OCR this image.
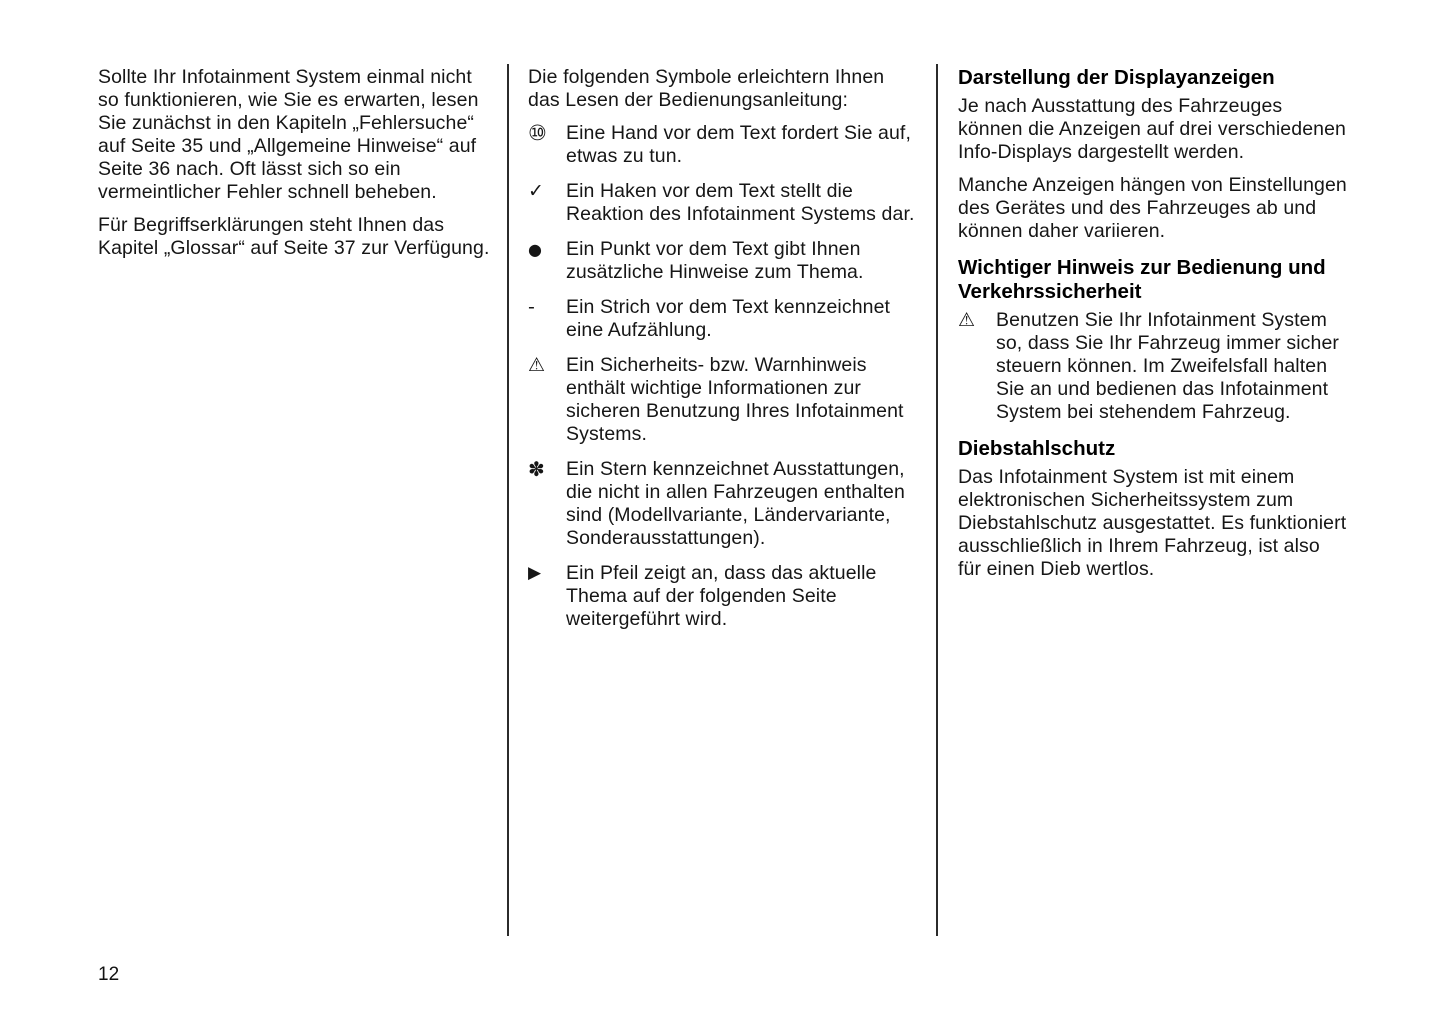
Sollte Ihr Infotainment System einmal nicht so funktionieren, wie Sie es erwarten, lesen Sie zunächst in den Kapiteln „Fehlersuche“ auf Seite 35 und „Allgemeine Hinweise“ auf Seite 36 nach. Oft lässt sich so ein vermeintlicher Fehler schnell beheben.

Für Begriffserklärungen steht Ihnen das Kapitel „Glossar“ auf Seite 37 zur Verfügung.

Die folgenden Symbole erleichtern Ihnen das Lesen der Bedienungsanleitung:

⑩ Eine Hand vor dem Text fordert Sie auf, etwas zu tun.
✓	Ein Haken vor dem Text stellt die Reaktion des Infotainment Systems dar.
●	Ein Punkt vor dem Text gibt Ihnen zusätzliche Hinweise zum Thema.
-	Ein Strich vor dem Text kennzeichnet eine Aufzählung.
⚠	Ein Sicherheits- bzw. Warnhinweis enthält wichtige Informationen zur sicheren Benutzung Ihres Infotainment Systems.
✽	Ein Stern kennzeichnet Ausstattungen, die nicht in allen Fahrzeugen enthalten sind (Modellvariante, Ländervariante, Sonderausstattungen).
▶	Ein Pfeil zeigt an, dass das aktuelle Thema auf der folgenden Seite weitergeführt wird.
Darstellung der Displayanzeigen

Je nach Ausstattung des Fahrzeuges können die Anzeigen auf drei verschiedenen Info-Displays dargestellt werden.

Manche Anzeigen hängen von Einstellungen des Gerätes und des Fahrzeuges ab und können daher variieren.

Wichtiger Hinweis zur Bedienung und Verkehrssicherheit
⚠	Benutzen Sie Ihr Infotainment System so, dass Sie Ihr Fahrzeug immer sicher steuern können. Im Zweifelsfall halten Sie an und bedienen das Infotainment System bei stehendem Fahrzeug.
Diebstahlschutz

Das Infotainment System ist mit einem elektronischen Sicherheitssystem zum Diebstahlschutz ausgestattet. Es funktioniert ausschließlich in Ihrem Fahrzeug, ist also für einen Dieb wertlos.

12
